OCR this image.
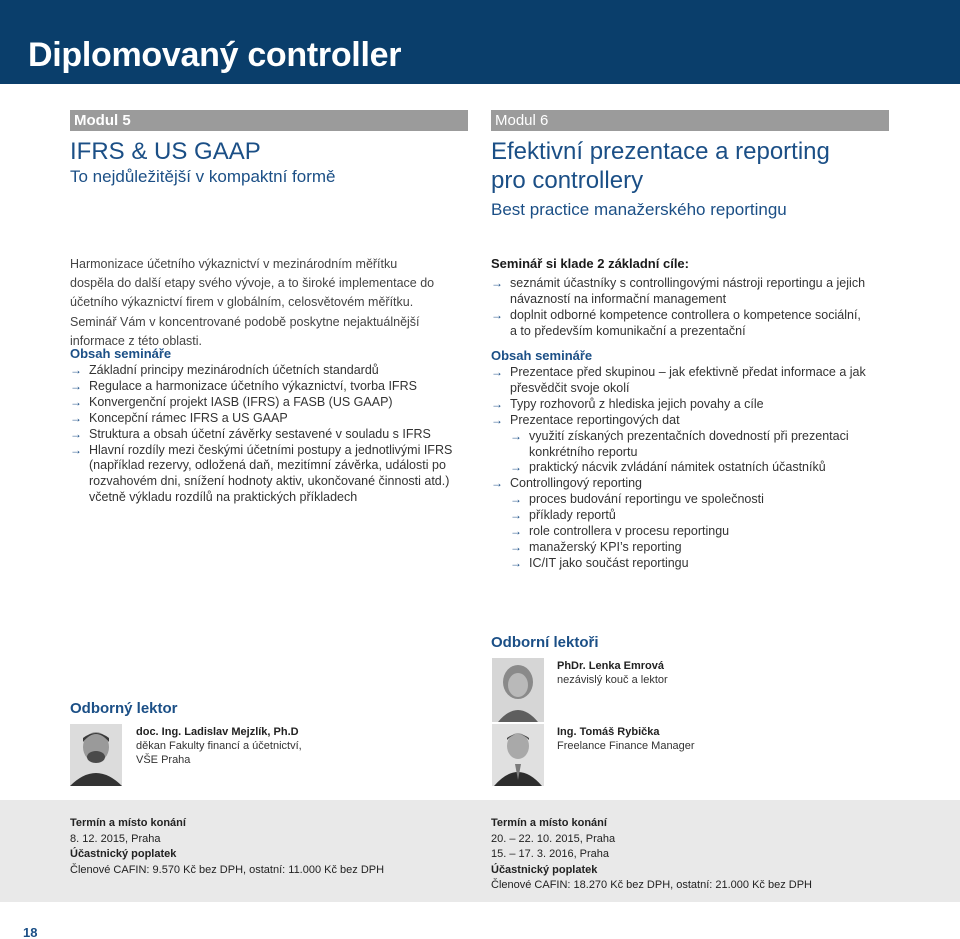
Diplomovaný controller
Modul 5
IFRS & US GAAP
To nejdůležitější v kompaktní formě
Modul 6
Efektivní prezentace a reporting
pro controllery
Best practice manažerského reportingu
Harmonizace účetního výkaznictví v mezinárodním měřítku dospěla do další etapy svého vývoje, a to široké implementace do účetního výkaznictví firem v globálním, celosvětovém měřítku. Seminář Vám v koncentrované podobě poskytne nejaktuálnější informace z této oblasti.
Obsah semináře
→ Základní principy mezinárodních účetních standardů
→ Regulace a harmonizace účetního výkaznictví, tvorba IFRS
→ Konvergenční projekt IASB (IFRS) a FASB (US GAAP)
→ Koncepční rámec IFRS a US GAAP
→ Struktura a obsah účetní závěrky sestavené v souladu s IFRS
→ Hlavní rozdíly mezi českými účetními postupy a jednotlivými IFRS (například rezervy, odložená daň, mezitímní závěrka, události po rozvahovém dni, snížení hodnoty aktiv, ukončované činnosti atd.) včetně výkladu rozdílů na praktických příkladech
Seminář si klade 2 základní cíle:
→ seznámit účastníky s controllingovými nástroji reportingu a jejich návazností na informační management
→ doplnit odborné kompetence controllera o kompetence sociální, a to především komunikační a prezentační
Obsah semináře
→ Prezentace před skupinou – jak efektivně předat informace a jak přesvědčit svoje okolí
→ Typy rozhovorů z hlediska jejich povahy a cíle
→ Prezentace reportingových dat
→ využití získaných prezentačních dovedností při prezentaci konkrétního reportu
→ praktický nácvik zvládání námitek ostatních účastníků
→ Controllingový reporting
→ proces budování reportingu ve společnosti
→ příklady reportů
→ role controllera v procesu reportingu
→ manažerský KPI’s reporting
→ IC/IT jako součást reportingu
Odborní lektoři
PhDr. Lenka Emrová
nezávislý kouč a lektor
Ing. Tomáš Rybička
Freelance Finance Manager
Odborný lektor
doc. Ing. Ladislav Mejzlík, Ph.D
děkan Fakulty financí a účetnictví,
VŠE Praha
Termín a místo konání
8. 12. 2015, Praha
Účastnický poplatek
Členové CAFIN: 9.570 Kč bez DPH, ostatní: 11.000 Kč bez DPH
Termín a místo konání
20. – 22. 10. 2015, Praha
15. – 17. 3. 2016, Praha
Účastnický poplatek
Členové CAFIN: 18.270 Kč bez DPH, ostatní: 21.000 Kč bez DPH
18
